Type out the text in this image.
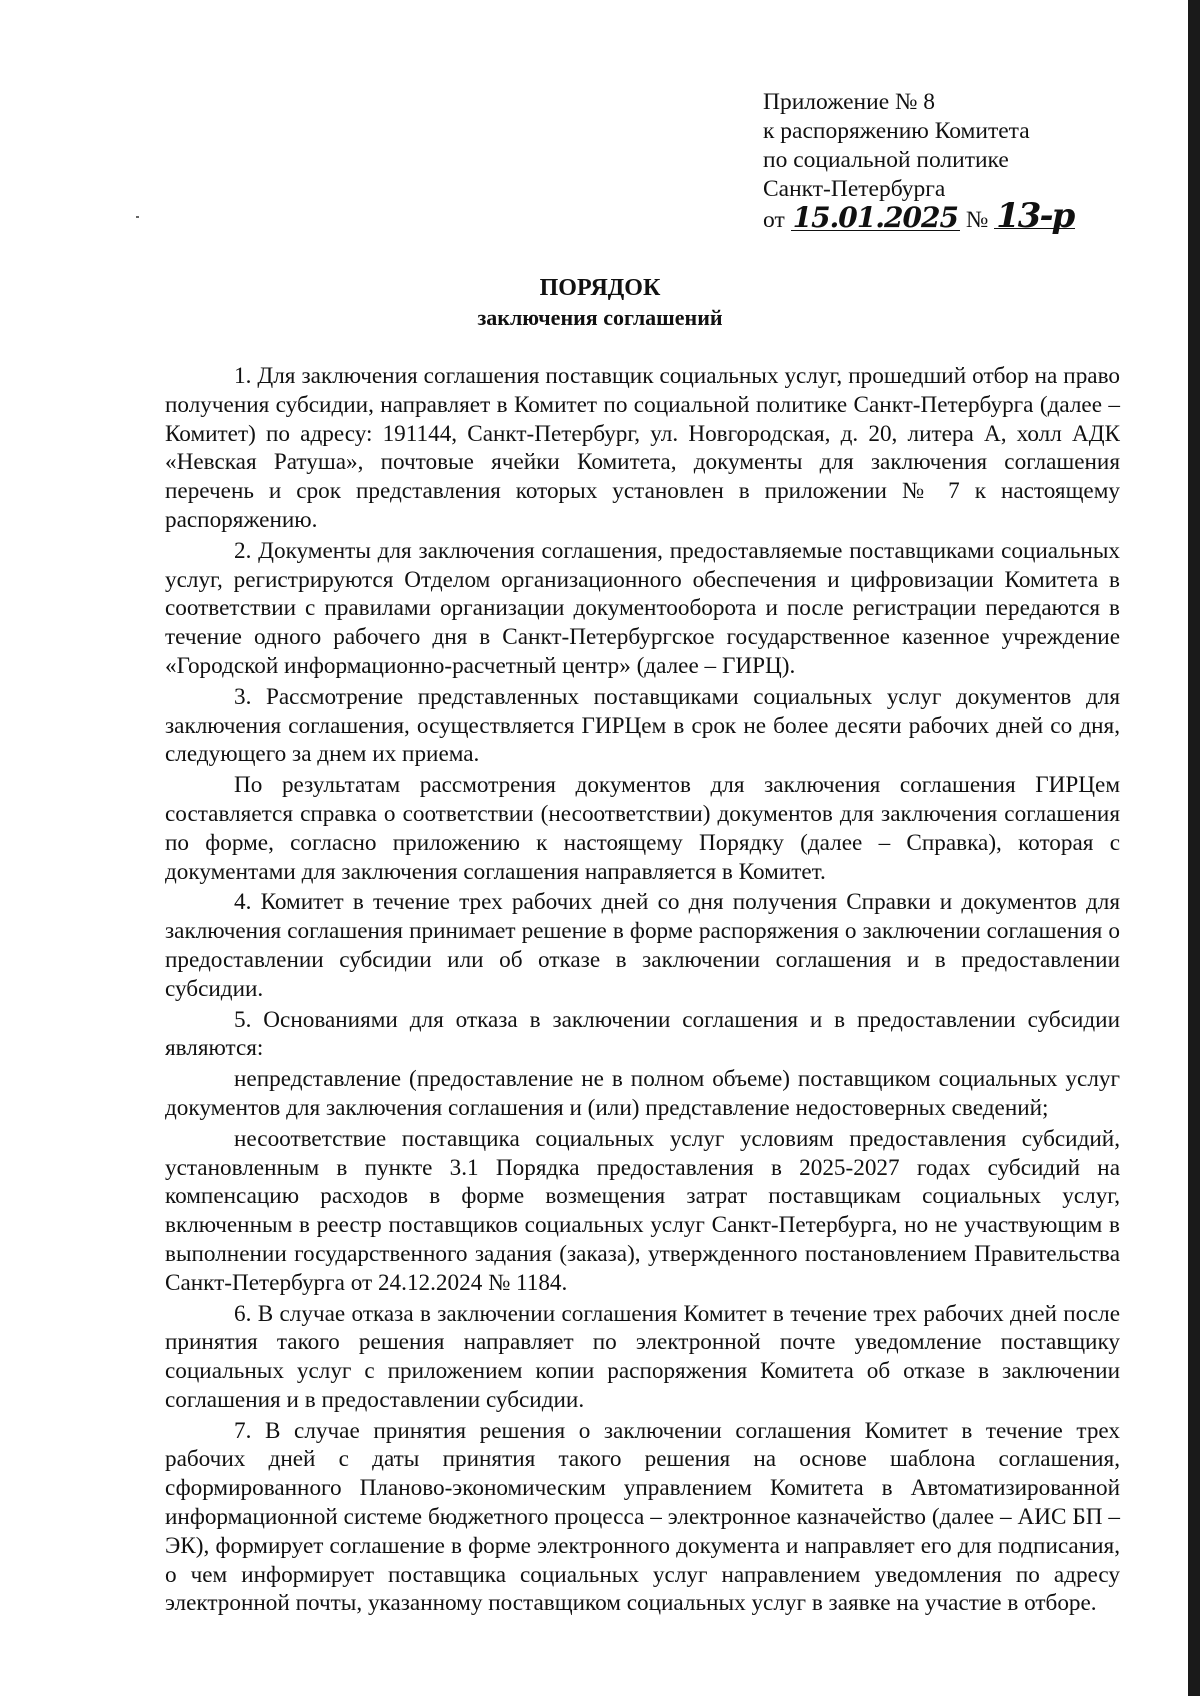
Приложение № 8
к распоряжению Комитета
по социальной политике
Санкт-Петербурга
от 15.01.2025 № 13-р
ПОРЯДОК
заключения соглашений

1. Для заключения соглашения поставщик социальных услуг, прошедший отбор на право получения субсидии, направляет в Комитет по социальной политике Санкт-Петербурга (далее – Комитет) по адресу: 191144, Санкт-Петербург, ул. Новгородская, д. 20, литера А, холл АДК «Невская Ратуша», почтовые ячейки Комитета, документы для заключения соглашения перечень и срок представления которых установлен в приложении № 7 к настоящему распоряжению.

2. Документы для заключения соглашения, предоставляемые поставщиками социальных услуг, регистрируются Отделом организационного обеспечения и цифровизации Комитета в соответствии с правилами организации документооборота и после регистрации передаются в течение одного рабочего дня в Санкт-Петербургское государственное казенное учреждение «Городской информационно-расчетный центр» (далее – ГИРЦ).

3. Рассмотрение представленных поставщиками социальных услуг документов для заключения соглашения, осуществляется ГИРЦем в срок не более десяти рабочих дней со дня, следующего за днем их приема.

По результатам рассмотрения документов для заключения соглашения ГИРЦем составляется справка о соответствии (несоответствии) документов для заключения соглашения по форме, согласно приложению к настоящему Порядку (далее – Справка), которая с документами для заключения соглашения направляется в Комитет.

4. Комитет в течение трех рабочих дней со дня получения Справки и документов для заключения соглашения принимает решение в форме распоряжения о заключении соглашения о предоставлении субсидии или об отказе в заключении соглашения и в предоставлении субсидии.

5. Основаниями для отказа в заключении соглашения и в предоставлении субсидии являются:

непредставление (предоставление не в полном объеме) поставщиком социальных услуг документов для заключения соглашения и (или) представление недостоверных сведений;

несоответствие поставщика социальных услуг условиям предоставления субсидий, установленным в пункте 3.1 Порядка предоставления в 2025-2027 годах субсидий на компенсацию расходов в форме возмещения затрат поставщикам социальных услуг, включенным в реестр поставщиков социальных услуг Санкт-Петербурга, но не участвующим в выполнении государственного задания (заказа), утвержденного постановлением Правительства Санкт-Петербурга от 24.12.2024 № 1184.

6. В случае отказа в заключении соглашения Комитет в течение трех рабочих дней после принятия такого решения направляет по электронной почте уведомление поставщику социальных услуг с приложением копии распоряжения Комитета об отказе в заключении соглашения и в предоставлении субсидии.

7. В случае принятия решения о заключении соглашения Комитет в течение трех рабочих дней с даты принятия такого решения на основе шаблона соглашения, сформированного Планово-экономическим управлением Комитета в Автоматизированной информационной системе бюджетного процесса – электронное казначейство (далее – АИС БП – ЭК), формирует соглашение в форме электронного документа и направляет его для подписания, о чем информирует поставщика социальных услуг направлением уведомления по адресу электронной почты, указанному поставщиком социальных услуг в заявке на участие в отборе.
